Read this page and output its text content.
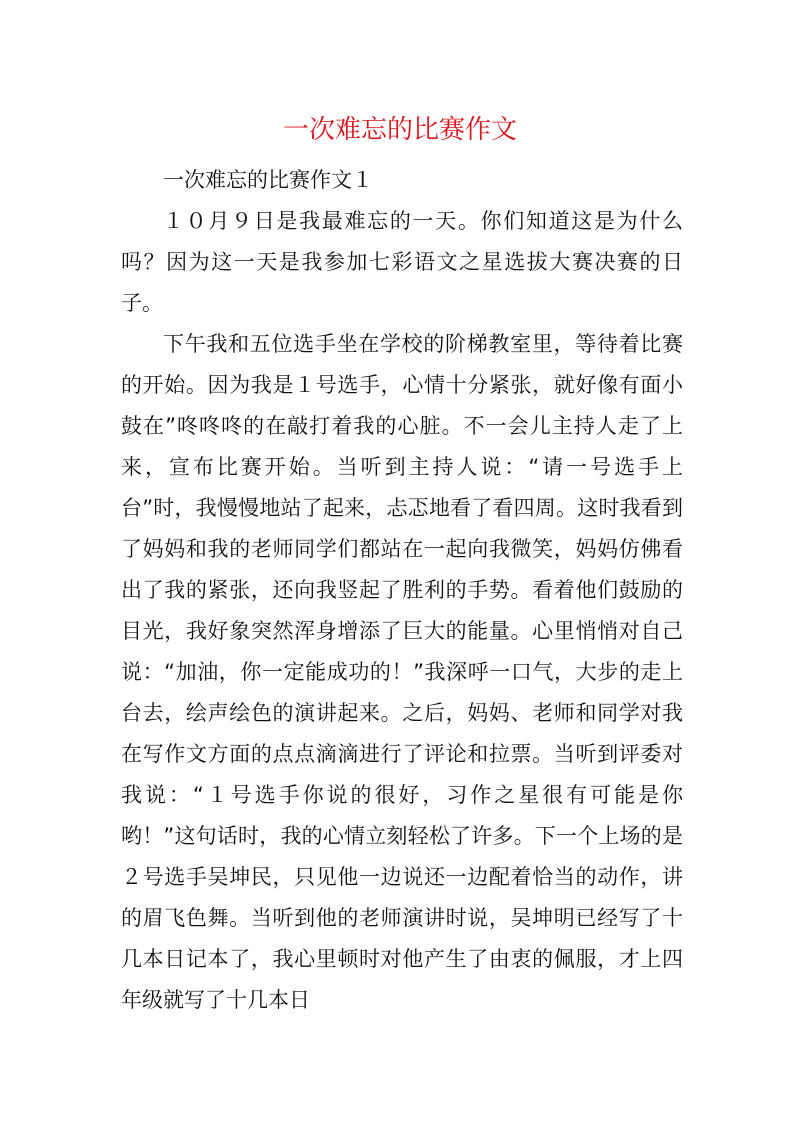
一次难忘的比赛作文

一次难忘的比赛作文１

１０月９日是我最难忘的一天。你们知道这是为什么吗？因为这一天是我参加七彩语文之星选拔大赛决赛的日子。

下午我和五位选手坐在学校的阶梯教室里，等待着比赛的开始。因为我是１号选手，心情十分紧张，就好像有面小鼓在”咚咚咚的在敲打着我的心脏。不一会儿主持人走了上来，宣布比赛开始。当听到主持人说：“请一号选手上台”时，我慢慢地站了起来，忐忑地看了看四周。这时我看到了妈妈和我的老师同学们都站在一起向我微笑，妈妈仿佛看出了我的紧张，还向我竖起了胜利的手势。看着他们鼓励的目光，我好象突然浑身增添了巨大的能量。心里悄悄对自己说：“加油，你一定能成功的！”我深呼一口气，大步的走上台去，绘声绘色的演讲起来。之后，妈妈、老师和同学对我在写作文方面的点点滴滴进行了评论和拉票。当听到评委对我说：“１号选手你说的很好，习作之星很有可能是你哟！”这句话时，我的心情立刻轻松了许多。下一个上场的是２号选手吴坤民，只见他一边说还一边配着恰当的动作，讲的眉飞色舞。当听到他的老师演讲时说，吴坤明已经写了十几本日记本了，我心里顿时对他产生了由衷的佩服，才上四年级就写了十几本日
